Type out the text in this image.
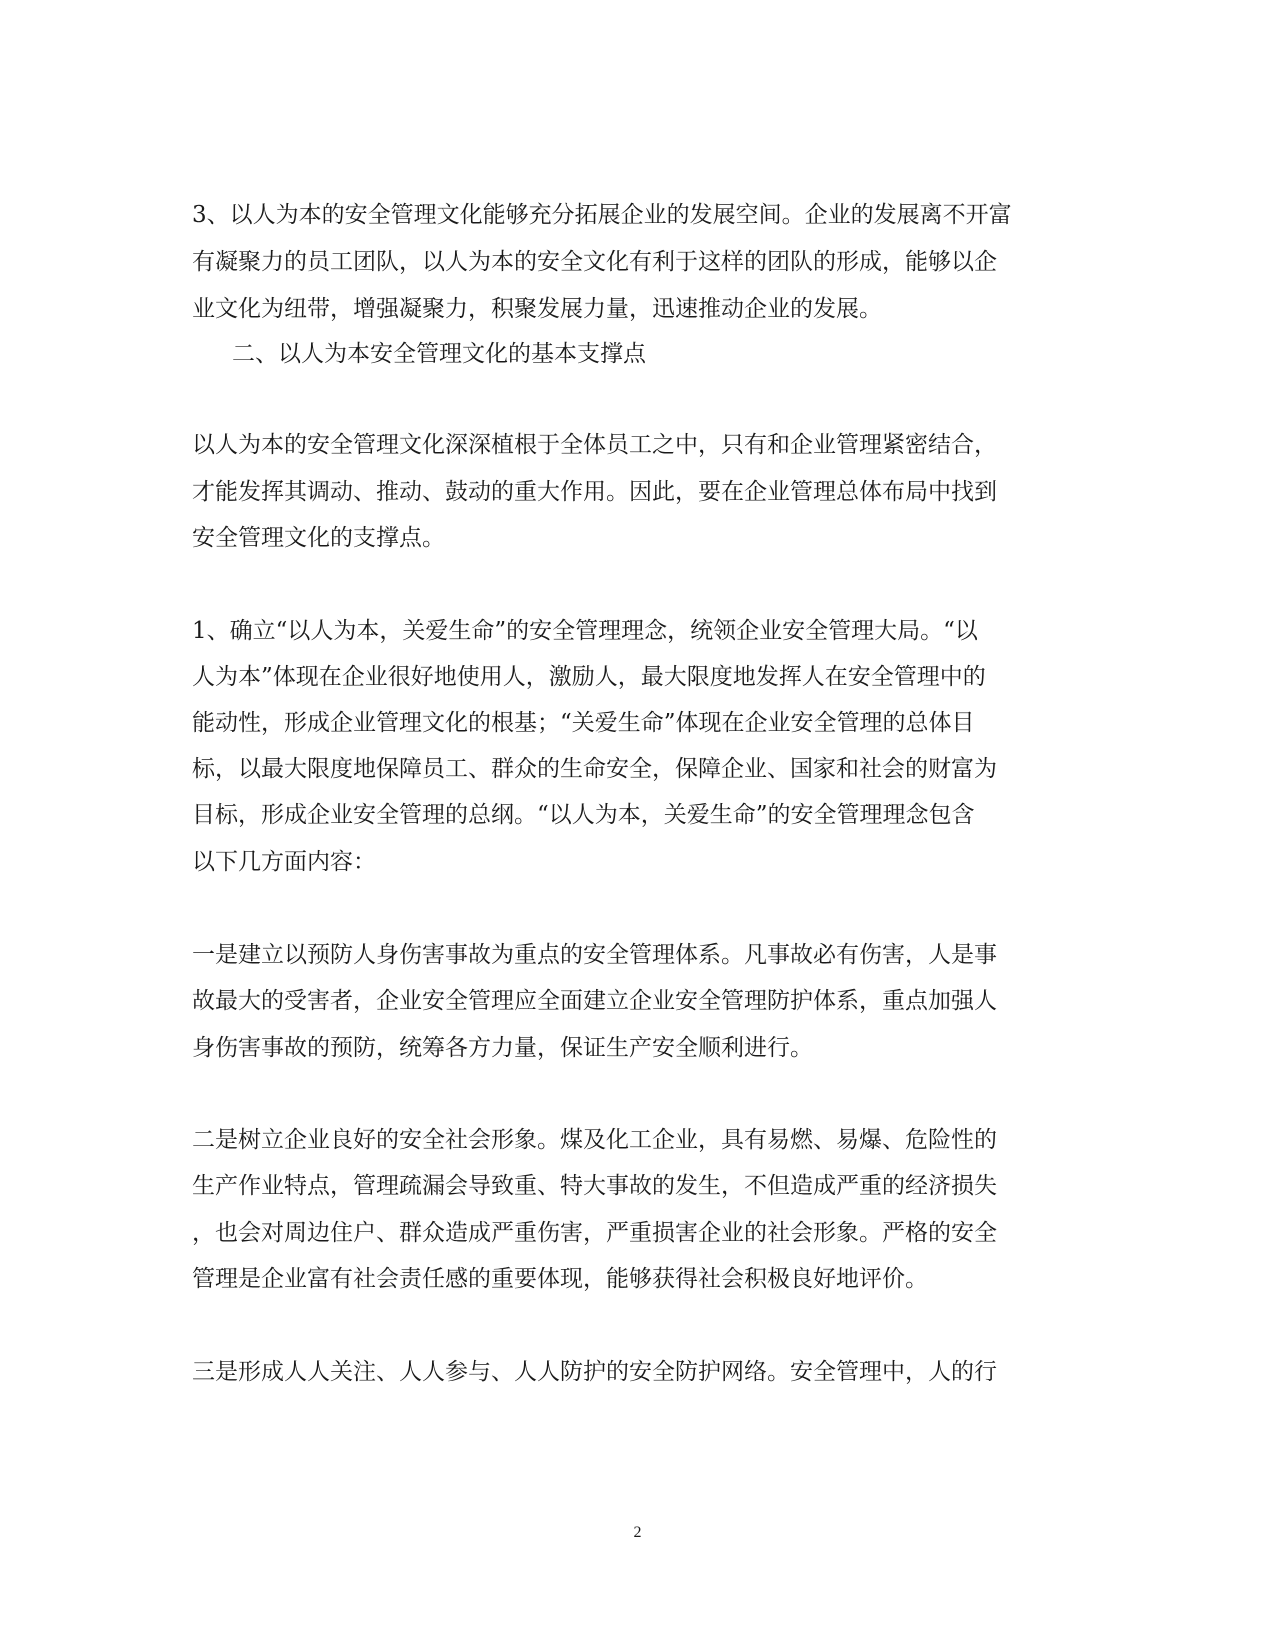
3、以人为本的安全管理文化能够充分拓展企业的发展空间。企业的发展离不开富

有凝聚力的员工团队，以人为本的安全文化有利于这样的团队的形成，能够以企

业文化为纽带，增强凝聚力，积聚发展力量，迅速推动企业的发展。

二、以人为本安全管理文化的基本支撑点

以人为本的安全管理文化深深植根于全体员工之中，只有和企业管理紧密结合，

才能发挥其调动、推动、鼓动的重大作用。因此，要在企业管理总体布局中找到

安全管理文化的支撑点。

1、确立“以人为本，关爱生命”的安全管理理念，统领企业安全管理大局。“以

人为本”体现在企业很好地使用人，激励人，最大限度地发挥人在安全管理中的

能动性，形成企业管理文化的根基；“关爱生命”体现在企业安全管理的总体目

标，以最大限度地保障员工、群众的生命安全，保障企业、国家和社会的财富为

目标，形成企业安全管理的总纲。“以人为本，关爱生命”的安全管理理念包含

以下几方面内容：

一是建立以预防人身伤害事故为重点的安全管理体系。凡事故必有伤害，人是事

故最大的受害者，企业安全管理应全面建立企业安全管理防护体系，重点加强人

身伤害事故的预防，统筹各方力量，保证生产安全顺利进行。

二是树立企业良好的安全社会形象。煤及化工企业，具有易燃、易爆、危险性的

生产作业特点，管理疏漏会导致重、特大事故的发生，不但造成严重的经济损失

，也会对周边住户、群众造成严重伤害，严重损害企业的社会形象。严格的安全

管理是企业富有社会责任感的重要体现，能够获得社会积极良好地评价。

三是形成人人关注、人人参与、人人防护的安全防护网络。安全管理中，人的行

2
